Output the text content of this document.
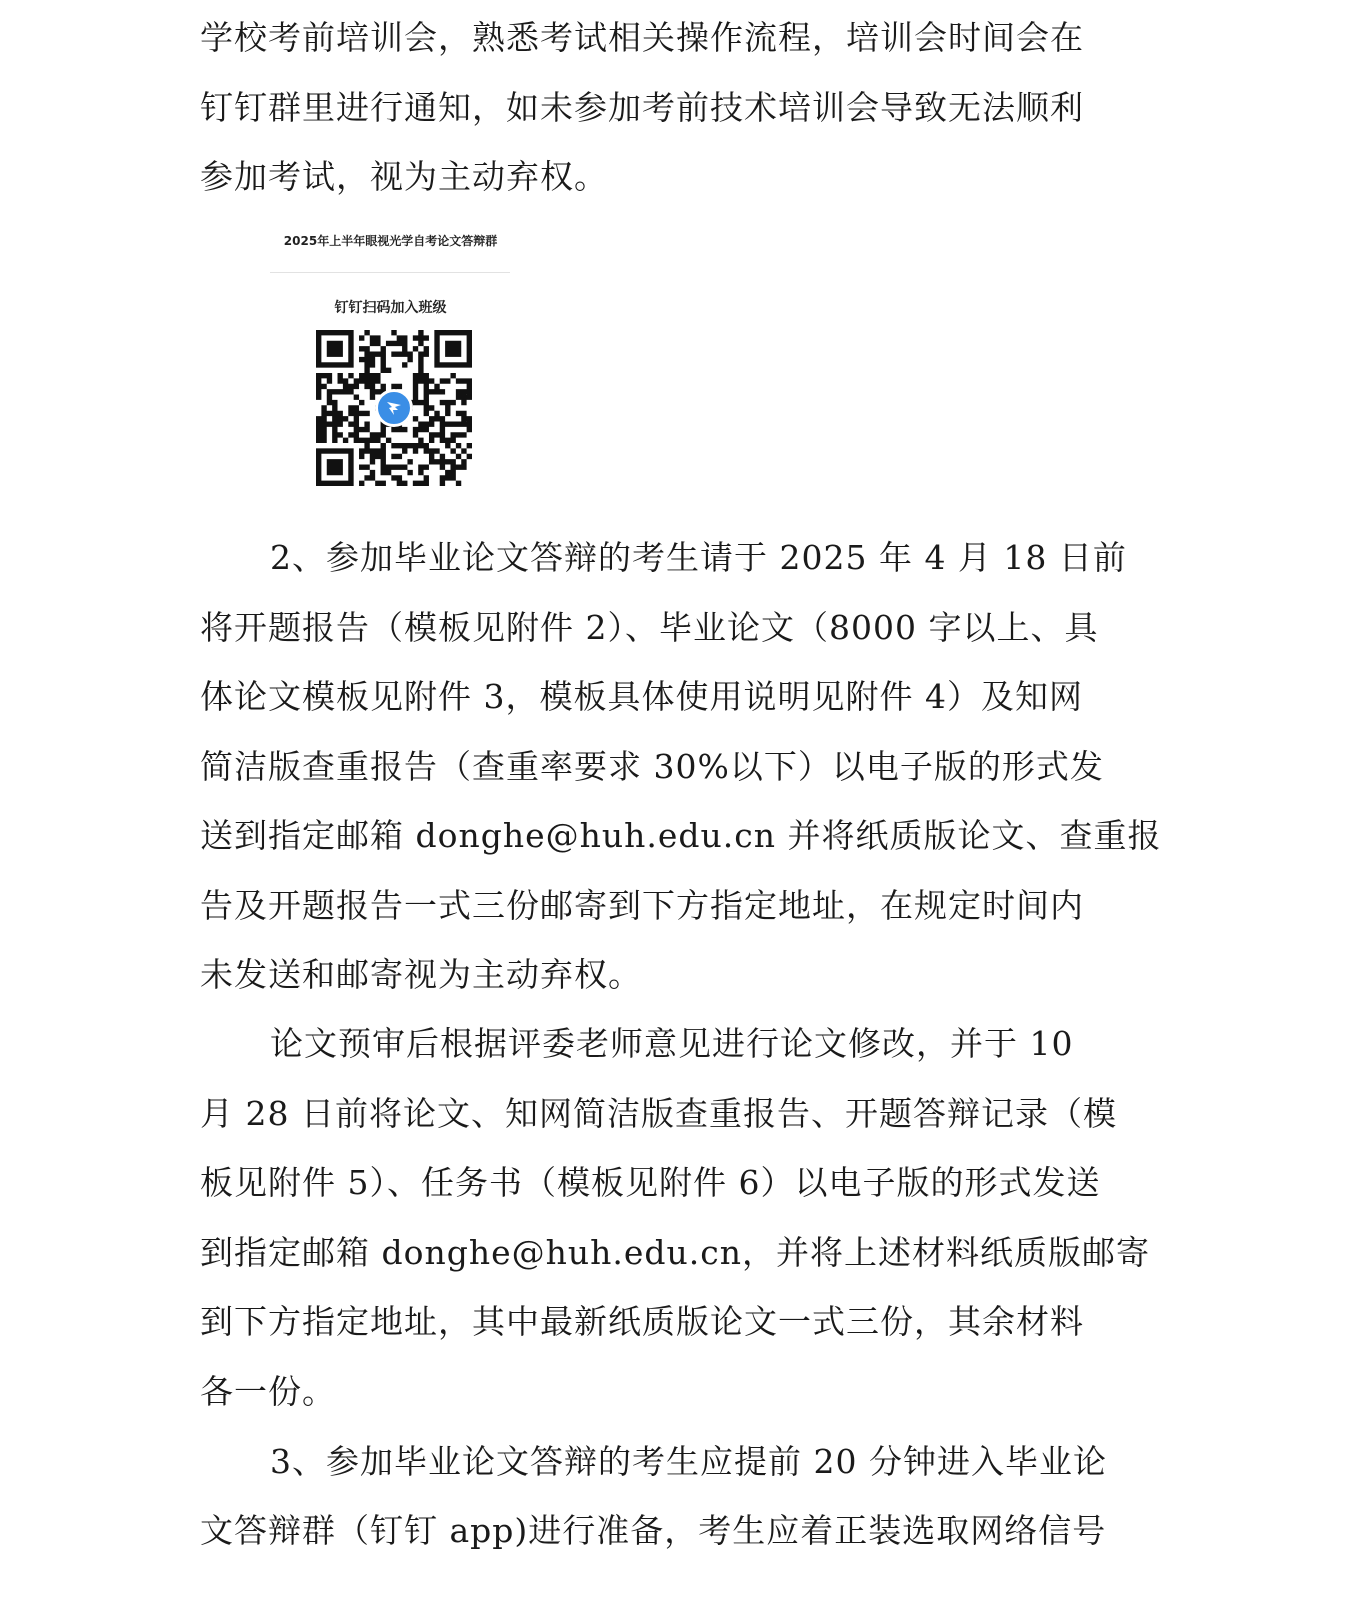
学校考前培训会，熟悉考试相关操作流程，培训会时间会在
钉钉群里进行通知，如未参加考前技术培训会导致无法顺利
参加考试，视为主动弃权。
2、参加毕业论文答辩的考生请于 2025 年 4 月 18 日前
将开题报告（模板见附件 2）、毕业论文（8000 字以上、具
体论文模板见附件 3，模板具体使用说明见附件 4）及知网
简洁版查重报告（查重率要求 30%以下）以电子版的形式发
送到指定邮箱 donghe@huh.edu.cn 并将纸质版论文、查重报
告及开题报告一式三份邮寄到下方指定地址，在规定时间内
未发送和邮寄视为主动弃权。
论文预审后根据评委老师意见进行论文修改，并于 10
月 28 日前将论文、知网简洁版查重报告、开题答辩记录（模
板见附件 5）、任务书（模板见附件 6）以电子版的形式发送
到指定邮箱 donghe@huh.edu.cn，并将上述材料纸质版邮寄
到下方指定地址，其中最新纸质版论文一式三份，其余材料
各一份。
3、参加毕业论文答辩的考生应提前 20 分钟进入毕业论
文答辩群（钉钉 app)进行准备，考生应着正装选取网络信号
2025年上半年眼视光学自考论文答辩群
钉钉扫码加入班级
